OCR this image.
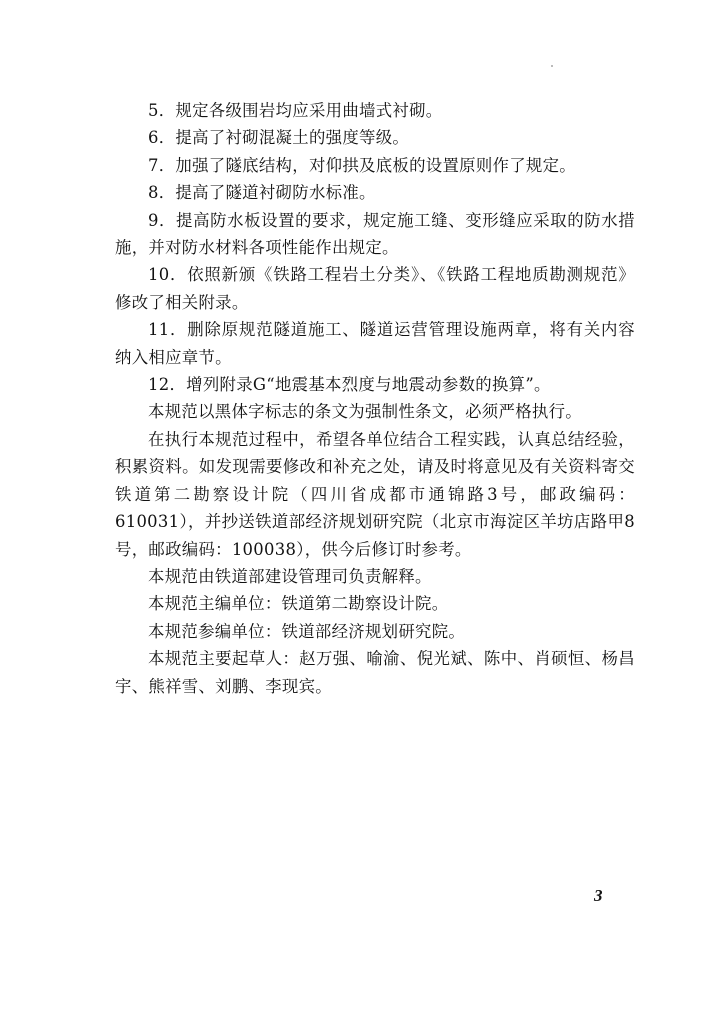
5．规定各级围岩均应采用曲墙式衬砌。

6．提高了衬砌混凝土的强度等级。

7．加强了隧底结构，对仰拱及底板的设置原则作了规定。

8．提高了隧道衬砌防水标准。

9．提高防水板设置的要求，规定施工缝、变形缝应采取的防水措施，并对防水材料各项性能作出规定。

10．依照新颁《铁路工程岩土分类》、《铁路工程地质勘测规范》修改了相关附录。

11．删除原规范隧道施工、隧道运营管理设施两章，将有关内容纳入相应章节。

12．增列附录G“地震基本烈度与地震动参数的换算”。

本规范以黑体字标志的条文为强制性条文，必须严格执行。

在执行本规范过程中，希望各单位结合工程实践，认真总结经验，积累资料。如发现需要修改和补充之处，请及时将意见及有关资料寄交铁道第二勘察设计院（四川省成都市通锦路3号，邮政编码：610031），并抄送铁道部经济规划研究院（北京市海淀区羊坊店路甲8号，邮政编码：100038），供今后修订时参考。

本规范由铁道部建设管理司负责解释。

本规范主编单位：铁道第二勘察设计院。

本规范参编单位：铁道部经济规划研究院。

本规范主要起草人：赵万强、喻渝、倪光斌、陈中、肖硕恒、杨昌宇、熊祥雪、刘鹏、李现宾。

3
